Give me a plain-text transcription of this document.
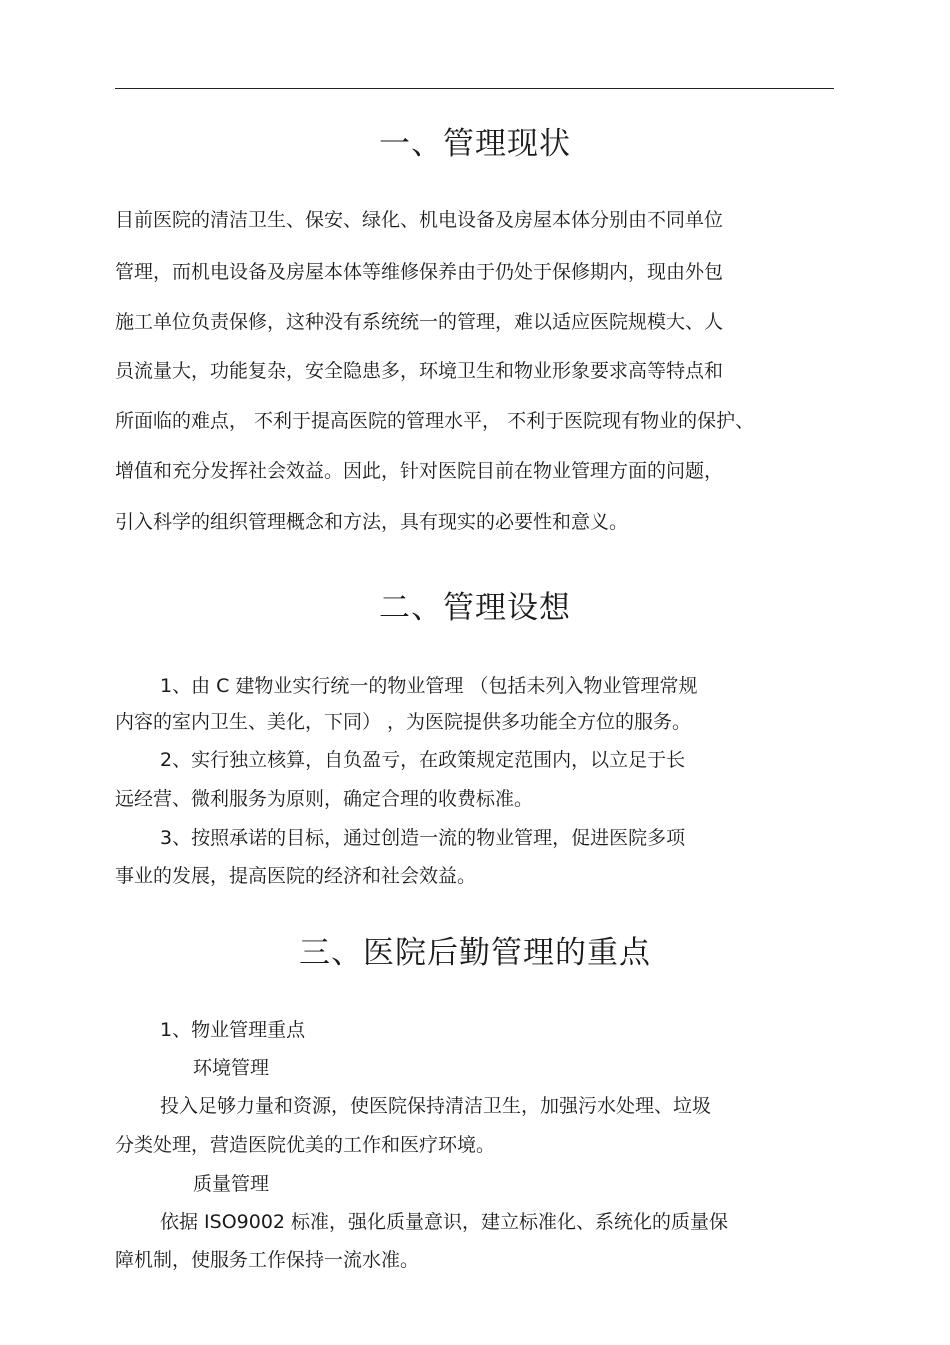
一、管理现状
目前医院的清洁卫生、保安、绿化、机电设备及房屋本体分别由不同单位
管理，而机电设备及房屋本体等维修保养由于仍处于保修期内，现由外包
施工单位负责保修，这种没有系统统一的管理，难以适应医院规模大、人
员流量大，功能复杂，安全隐患多，环境卫生和物业形象要求高等特点和
所面临的难点， 不利于提高医院的管理水平， 不利于医院现有物业的保护、
增值和充分发挥社会效益。因此，针对医院目前在物业管理方面的问题，
引入科学的组织管理概念和方法，具有现实的必要性和意义。
二、管理设想
1、由 C 建物业实行统一的物业管理 （包括未列入物业管理常规
内容的室内卫生、美化，下同） ，为医院提供多功能全方位的服务。
2、实行独立核算，自负盈亏，在政策规定范围内，以立足于长
远经营、微利服务为原则，确定合理的收费标准。
3、按照承诺的目标，通过创造一流的物业管理，促进医院多项
事业的发展，提高医院的经济和社会效益。
三、医院后勤管理的重点
1、物业管理重点
环境管理
投入足够力量和资源，使医院保持清洁卫生，加强污水处理、垃圾
分类处理，营造医院优美的工作和医疗环境。
质量管理
依据 ISO9002 标准，强化质量意识，建立标准化、系统化的质量保
障机制，使服务工作保持一流水准。
